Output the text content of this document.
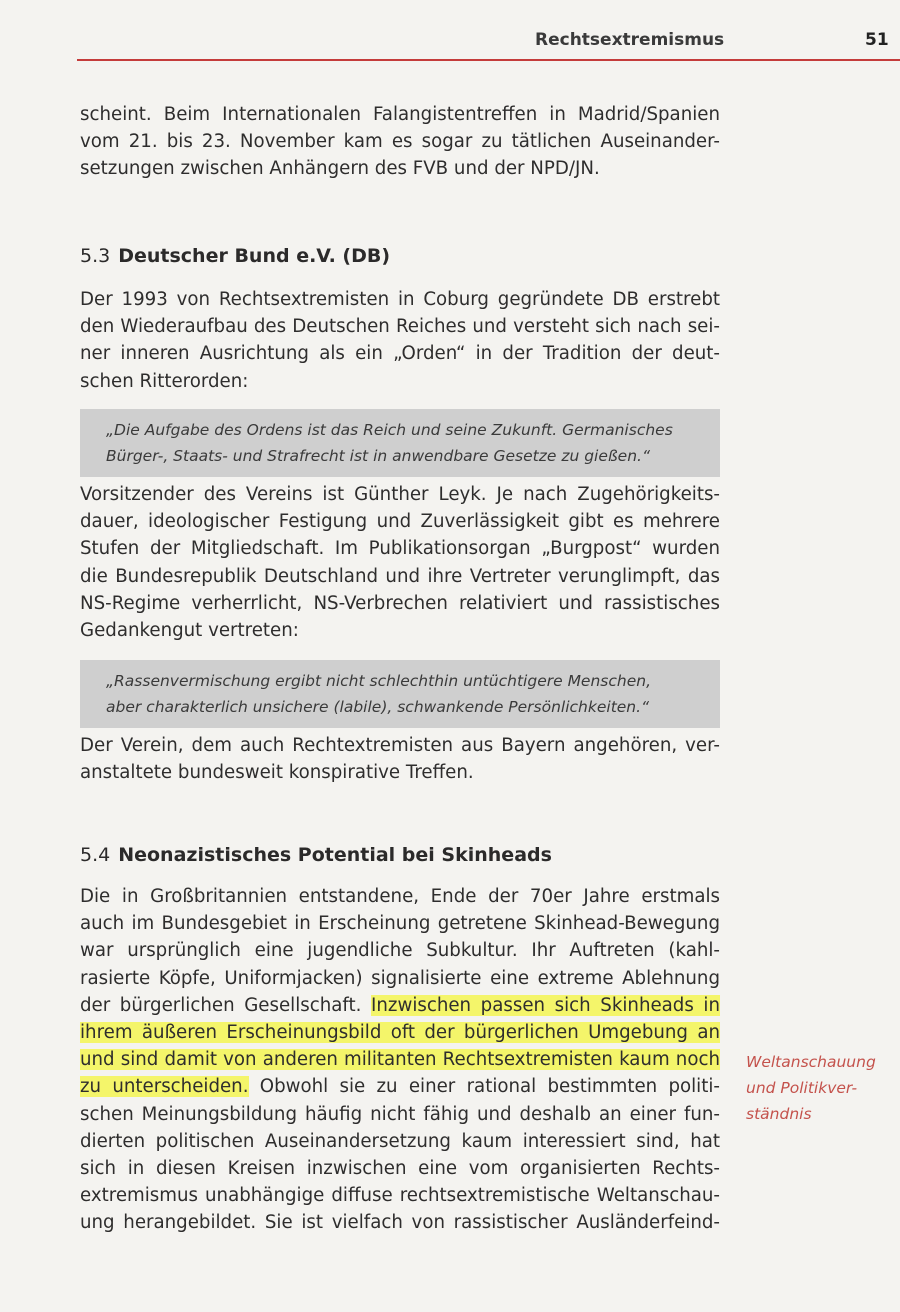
Rechtsextremismus	51
scheint. Beim Internationalen Falangistentreffen in Madrid/Spanien
vom 21. bis 23. November kam es sogar zu tätlichen Auseinander-
setzungen zwischen Anhängern des FVB und der NPD/JN.
5.3 Deutscher Bund e.V. (DB)
Der 1993 von Rechtsextremisten in Coburg gegründete DB erstrebt
den Wiederaufbau des Deutschen Reiches und versteht sich nach sei-
ner inneren Ausrichtung als ein „Orden“ in der Tradition der deut-
schen Ritterorden:
„Die Aufgabe des Ordens ist das Reich und seine Zukunft. Germanisches
Bürger-, Staats- und Strafrecht ist in anwendbare Gesetze zu gießen.“
Vorsitzender des Vereins ist Günther Leyk. Je nach Zugehörigkeits-
dauer, ideologischer Festigung und Zuverlässigkeit gibt es mehrere
Stufen der Mitgliedschaft. Im Publikationsorgan „Burgpost“ wurden
die Bundesrepublik Deutschland und ihre Vertreter verunglimpft, das
NS-Regime verherrlicht, NS-Verbrechen relativiert und rassistisches
Gedankengut vertreten:
„Rassenvermischung ergibt nicht schlechthin untüchtigere Menschen,
aber charakterlich unsichere (labile), schwankende Persönlichkeiten.“
Der Verein, dem auch Rechtextremisten aus Bayern angehören, ver-
anstaltete bundesweit konspirative Treffen.
5.4 Neonazistisches Potential bei Skinheads
Die in Großbritannien entstandene, Ende der 70er Jahre erstmals
auch im Bundesgebiet in Erscheinung getretene Skinhead-Bewegung
war ursprünglich eine jugendliche Subkultur. Ihr Auftreten (kahl-
rasierte Köpfe, Uniformjacken) signalisierte eine extreme Ablehnung
der bürgerlichen Gesellschaft. Inzwischen passen sich Skinheads in
ihrem äußeren Erscheinungsbild oft der bürgerlichen Umgebung an
und sind damit von anderen militanten Rechtsextremisten kaum noch
zu unterscheiden. Obwohl sie zu einer rational bestimmten politi-
schen Meinungsbildung häufig nicht fähig und deshalb an einer fun-
dierten politischen Auseinandersetzung kaum interessiert sind, hat
sich in diesen Kreisen inzwischen eine vom organisierten Rechts-
extremismus unabhängige diffuse rechtsextremistische Weltanschau-
ung herangebildet. Sie ist vielfach von rassistischer Ausländerfeind-
Weltanschauung
und Politikver-
ständnis
